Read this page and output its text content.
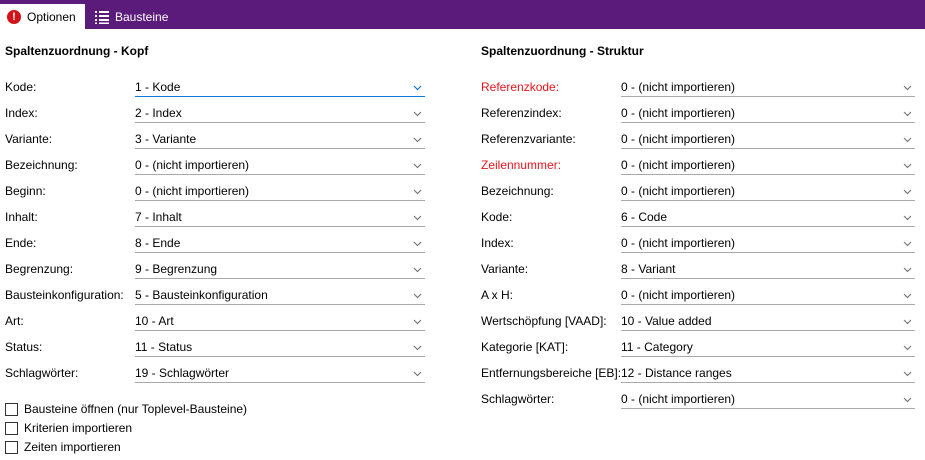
! Optionen	Bausteine
Spaltenzuordnung - Kopf	Spaltenzuordnung - Struktur
Kode:	1 - Kode
Index:	2 - Index
Variante:	3 - Variante
Bezeichnung:	0 - (nicht importieren)
Beginn:	0 - (nicht importieren)
Inhalt:	7 - Inhalt
Ende:	8 - Ende
Begrenzung:	9 - Begrenzung
Bausteinkonfiguration: 5 - Bausteinkonfiguration
Art:	10 - Art
Status:	11 - Status
Schlagwörter:	19 - Schlagwörter
Referenzkode:	0 - (nicht importieren)
Referenzindex:	0 - (nicht importieren)
Referenzvariante:	0 - (nicht importieren)
Zeilennummer:	0 - (nicht importieren)
Bezeichnung:	0 - (nicht importieren)
Kode:	6 - Code
Index:	0 - (nicht importieren)
Variante:	8 - Variant
A x H:	0 - (nicht importieren)
Wertschöpfung [VAAD]: 10 - Value added
Kategorie [KAT]:	11 - Category
Entfernungsbereiche [EB]: 12 - Distance ranges
Schlagwörter:	0 - (nicht importieren)
Bausteine öffnen (nur Toplevel-Bausteine)
Kriterien importieren
Zeiten importieren
